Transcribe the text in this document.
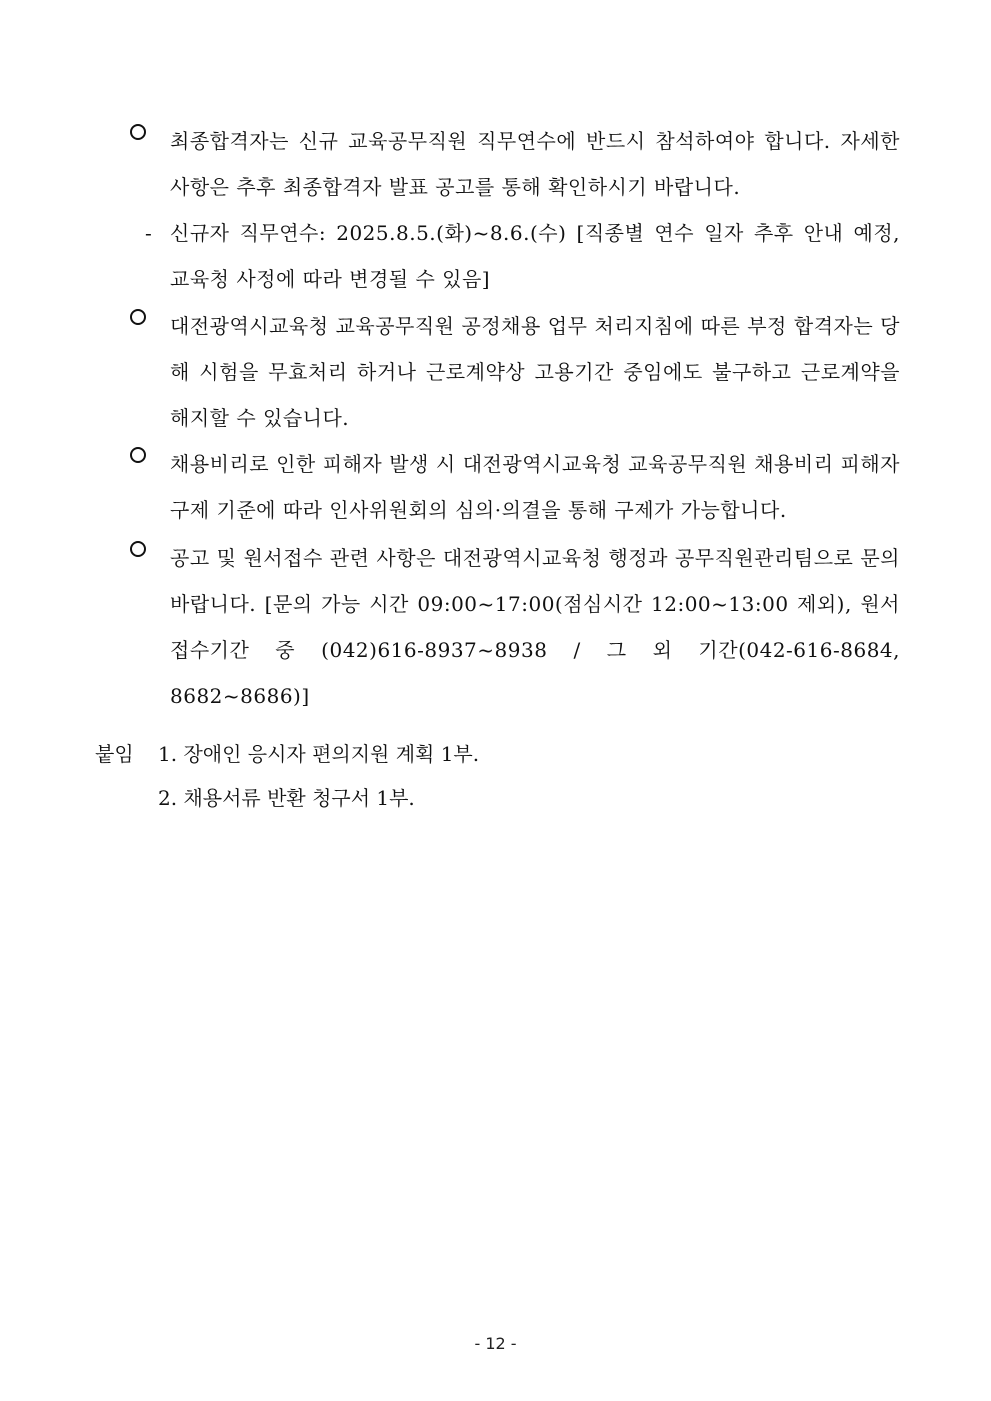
최종합격자는 신규 교육공무직원 직무연수에 반드시 참석하여야 합니다. 자세한 사항은 추후 최종합격자 발표 공고를 통해 확인하시기 바랍니다.
- 신규자 직무연수: 2025.8.5.(화)~8.6.(수) [직종별 연수 일자 추후 안내 예정, 교육청 사정에 따라 변경될 수 있음]
대전광역시교육청 교육공무직원 공정채용 업무 처리지침에 따른 부정 합격자는 당해 시험을 무효처리 하거나 근로계약상 고용기간 중임에도 불구하고 근로계약을 해지할 수 있습니다.
채용비리로 인한 피해자 발생 시 대전광역시교육청 교육공무직원 채용비리 피해자 구제 기준에 따라 인사위원회의 심의·의결을 통해 구제가 가능합니다.
공고 및 원서접수 관련 사항은 대전광역시교육청 행정과 공무직원관리팀으로 문의 바랍니다. [문의 가능 시간 09:00~17:00(점심시간 12:00~13:00 제외), 원서 접수기간 중 (042)616-8937~8938 / 그 외 기간(042-616-8684, 8682~8686)]
붙임 1. 장애인 응시자 편의지원 계획 1부.
2. 채용서류 반환 청구서 1부.
- 12 -
